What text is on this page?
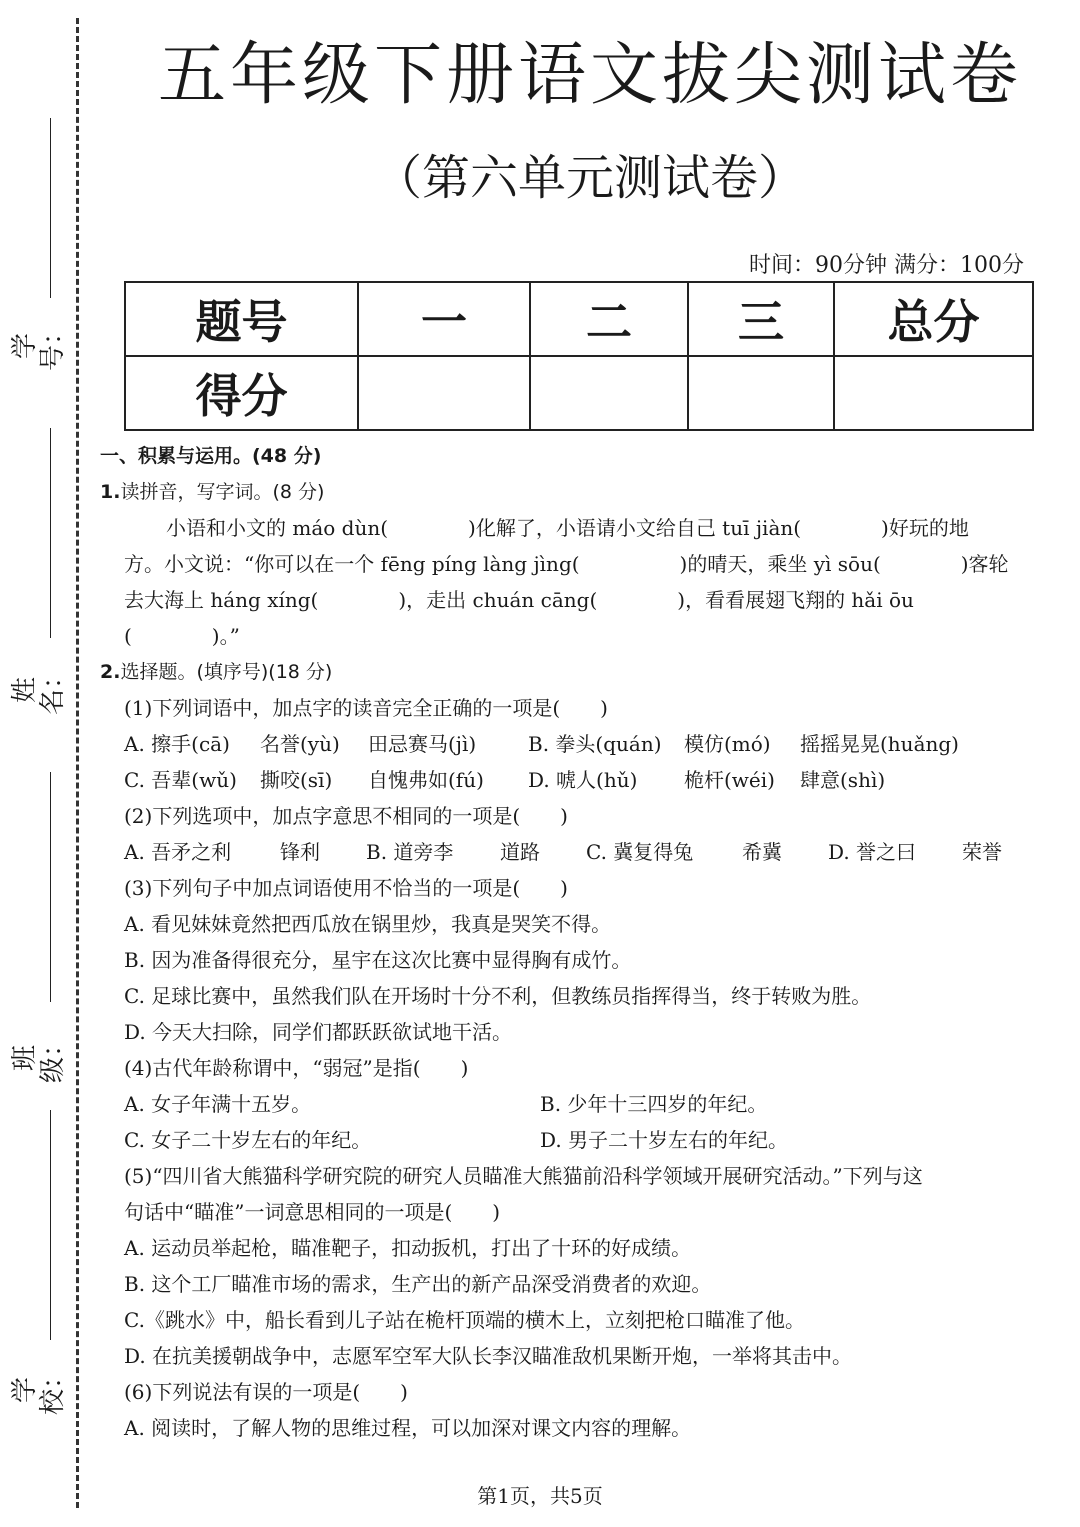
学号：
姓名：
班级：
学校：
五年级下册语文拔尖测试卷
（第六单元测试卷）
时间：90分钟 满分：100分
题号	一	二	三	总分
得分				
一、积累与运用。(48 分)
1.读拼音，写字词。(8 分)
小语和小文的 máo dùn(　　　　)化解了，小语请小文给自己 tuī jiàn(　　　　)好玩的地
方。小文说：“你可以在一个 fēng píng làng jìng(　　　　　)的晴天，乘坐 yì sōu(　　　　)客轮
去大海上 háng xíng(　　　　)，走出 chuán cāng(　　　　)，看看展翅飞翔的 hǎi ōu
(　　　　)。”
2.选择题。(填序号)(18 分)
(1)下列词语中，加点字的读音完全正确的一项是(　　)
A. 擦手(cā) 名誉(yù) 田忌赛马(jì)	B. 拳头(quán) 模仿(mó) 摇摇晃晃(huǎng)
C. 吾辈(wǔ) 撕咬(sī) 自愧弗如(fú) D. 唬人(hǔ) 桅杆(wéi) 肆意(shì)
(2)下列选项中，加点字意思不相同的一项是(　　)
A. 吾矛之利 锋利 B. 道旁李 道路 C. 冀复得兔 希冀 D. 誉之曰 荣誉
(3)下列句子中加点词语使用不恰当的一项是(　　)
A. 看见妹妹竟然把西瓜放在锅里炒，我真是哭笑不得。
B. 因为准备得很充分，星宇在这次比赛中显得胸有成竹。
C. 足球比赛中，虽然我们队在开场时十分不利，但教练员指挥得当，终于转败为胜。
D. 今天大扫除，同学们都跃跃欲试地干活。
(4)古代年龄称谓中，“弱冠”是指(　　)
A. 女子年满十五岁。	B. 少年十三四岁的年纪。
C. 女子二十岁左右的年纪。	D. 男子二十岁左右的年纪。
(5)“四川省大熊猫科学研究院的研究人员瞄准大熊猫前沿科学领域开展研究活动。”下列与这
句话中“瞄准”一词意思相同的一项是(　　)
A. 运动员举起枪，瞄准靶子，扣动扳机，打出了十环的好成绩。
B. 这个工厂瞄准市场的需求，生产出的新产品深受消费者的欢迎。
C.《跳水》中，船长看到儿子站在桅杆顶端的横木上，立刻把枪口瞄准了他。
D. 在抗美援朝战争中，志愿军空军大队长李汉瞄准敌机果断开炮，一举将其击中。
(6)下列说法有误的一项是(　　)
A. 阅读时，了解人物的思维过程，可以加深对课文内容的理解。
第1页，共5页
